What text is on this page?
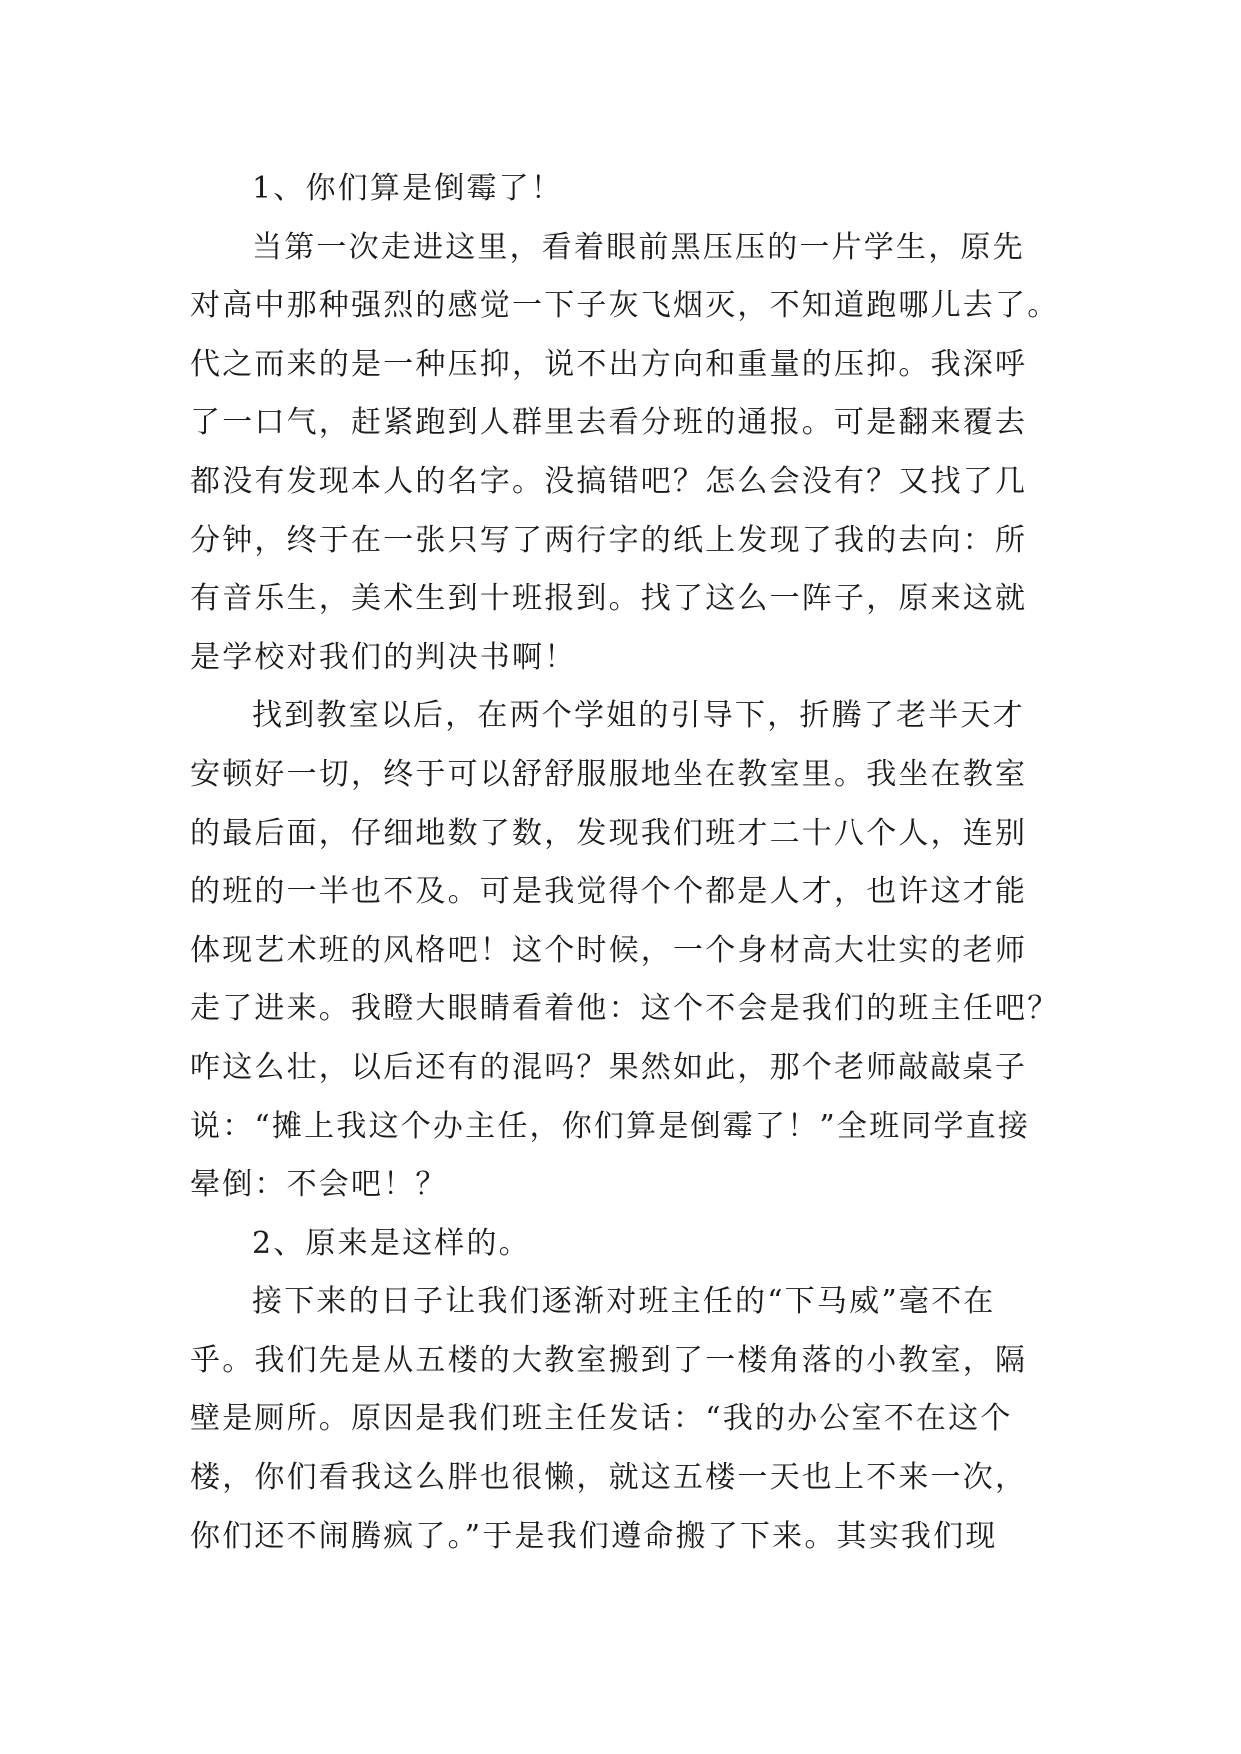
1、你们算是倒霉了！
当第一次走进这里，看着眼前黑压压的一片学生，原先
对高中那种强烈的感觉一下子灰飞烟灭，不知道跑哪儿去了。
代之而来的是一种压抑，说不出方向和重量的压抑。我深呼
了一口气，赶紧跑到人群里去看分班的通报。可是翻来覆去
都没有发现本人的名字。没搞错吧？怎么会没有？又找了几
分钟，终于在一张只写了两行字的纸上发现了我的去向：所
有音乐生，美术生到十班报到。找了这么一阵子，原来这就
是学校对我们的判决书啊！
找到教室以后，在两个学姐的引导下，折腾了老半天才
安顿好一切，终于可以舒舒服服地坐在教室里。我坐在教室
的最后面，仔细地数了数，发现我们班才二十八个人，连别
的班的一半也不及。可是我觉得个个都是人才，也许这才能
体现艺术班的风格吧！这个时候，一个身材高大壮实的老师
走了进来。我瞪大眼睛看着他：这个不会是我们的班主任吧？
咋这么壮，以后还有的混吗？果然如此，那个老师敲敲桌子
说：“摊上我这个办主任，你们算是倒霉了！”全班同学直接
晕倒：不会吧！？
2、原来是这样的。
接下来的日子让我们逐渐对班主任的“下马威”毫不在
乎。我们先是从五楼的大教室搬到了一楼角落的小教室，隔
壁是厕所。原因是我们班主任发话：“我的办公室不在这个
楼，你们看我这么胖也很懒，就这五楼一天也上不来一次，
你们还不闹腾疯了。”于是我们遵命搬了下来。其实我们现
